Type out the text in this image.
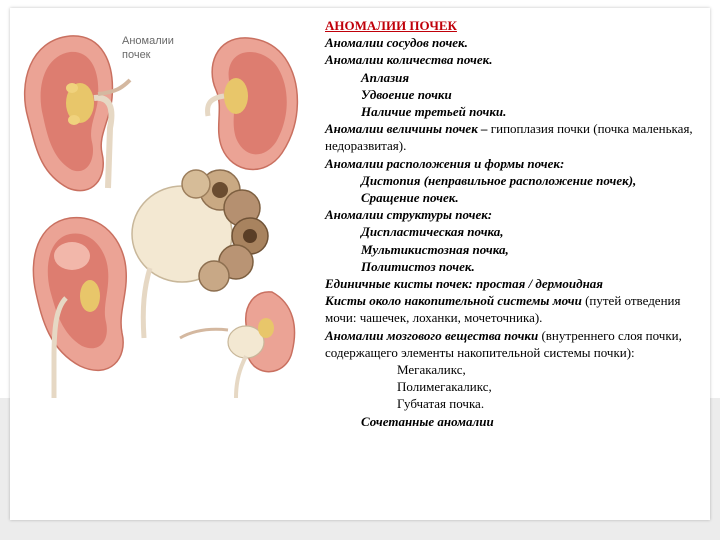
Аномалии почек
АНОМАЛИИ ПОЧЕК
Аномалии сосудов почек.
Аномалии количества почек.
Аплазия
Удвоение почки
Наличие третьей почки.
Аномалии величины почек – гипоплазия почки (почка маленькая, недоразвитая).
Аномалии расположения и формы почек:
Дистопия (неправильное расположение почек),
Сращение почек.
Аномалии структуры почек:
Диспластическая почка,
Мультикистозная почка,
Политистоз почек.
Единичные кисты почек: простая / дермоидная
Кисты около накопительной системы мочи (путей отведения мочи: чашечек, лоханки, мочеточника).
Аномалии мозгового вещества почки (внутреннего слоя почки, содержащего элементы накопительной системы почки):
Мегакаликс,
Полимегакаликс,
Губчатая почка.
Сочетанные аномалии
